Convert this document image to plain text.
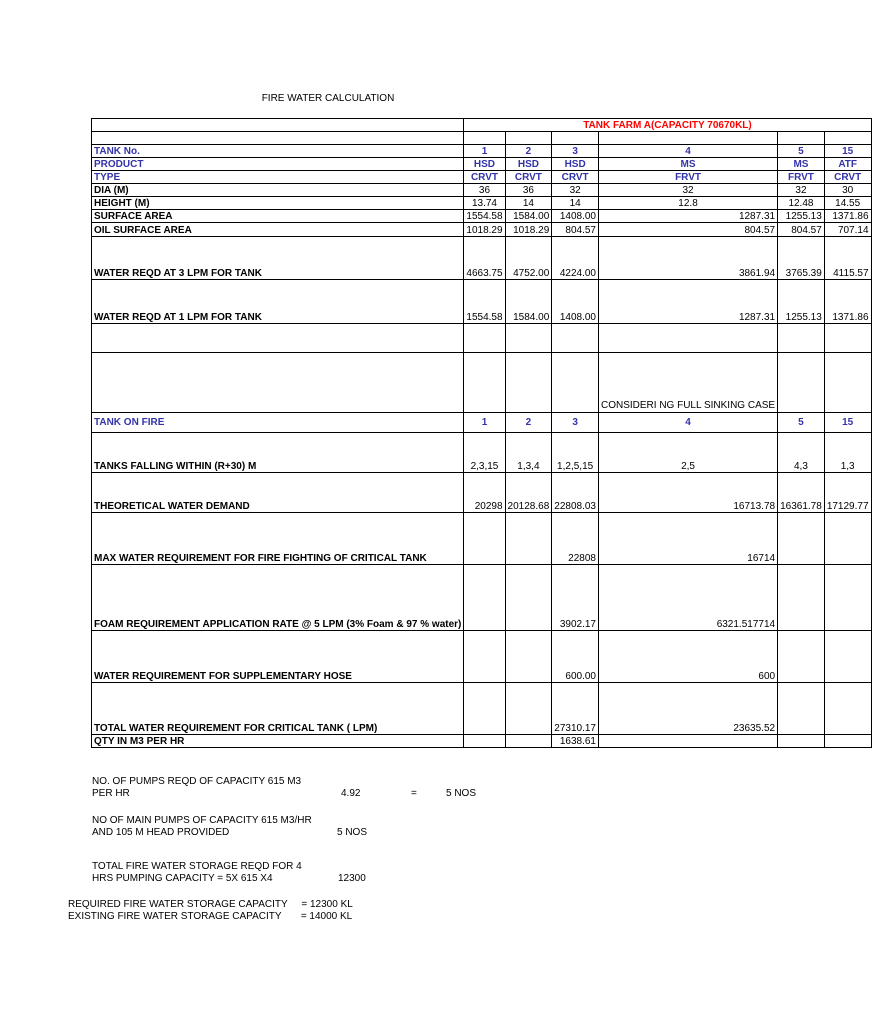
FIRE WATER CALCULATION
	TANK FARM A(CAPACITY 70670KL)					

TANK No.	1	2	3	4	5	15
PRODUCT	HSD	HSD	HSD	MS	MS	ATF
TYPE	CRVT	CRVT	CRVT	FRVT	FRVT	CRVT
DIA (M)	36	36	32	32	32	30
HEIGHT (M)	13.74	14	14	12.8	12.48	14.55
SURFACE AREA	1554.58	1584.00	1408.00	1287.31	1255.13	1371.86
OIL SURFACE AREA	1018.29	1018.29	804.57	804.57	804.57	707.14
WATER REQD AT 3 LPM FOR TANK	4663.75	4752.00	4224.00	3861.94	3765.39	4115.57
WATER REQD AT 1 LPM FOR TANK	1554.58	1584.00	1408.00	1287.31	1255.13	1371.86

				CONSIDERI NG FULL SINKING CASE		
TANK ON FIRE	1	2	3	4	5	15
TANKS FALLING WITHIN (R+30) M	2,3,15	1,3,4	1,2,5,15	2,5	4,3	1,3
THEORETICAL WATER DEMAND	20298	20128.68	22808.03	16713.78	16361.78	17129.77
MAX WATER REQUIREMENT FOR FIRE FIGHTING OF CRITICAL TANK			22808	16714		
FOAM REQUIREMENT APPLICATION RATE @ 5 LPM (3% Foam & 97 % water)			3902.17	6321.517714		
WATER REQUIREMENT FOR SUPPLEMENTARY HOSE			600.00	600		
TOTAL WATER REQUIREMENT FOR CRITICAL TANK ( LPM)			27310.17	23635.52		
QTY IN M3 PER HR			1638.61			
NO. OF PUMPS REQD OF CAPACITY 615 M3
PER HR	4.92	=	5 NOS
NO OF MAIN PUMPS OF CAPACITY 615 M3/HR
AND 105 M HEAD PROVIDED	5 NOS
TOTAL FIRE WATER STORAGE REQD FOR 4
HRS PUMPING CAPACITY = 5X 615 X4	12300
REQUIRED FIRE WATER STORAGE CAPACITY     = 12300 KL
EXISTING FIRE WATER STORAGE CAPACITY       = 14000 KL
